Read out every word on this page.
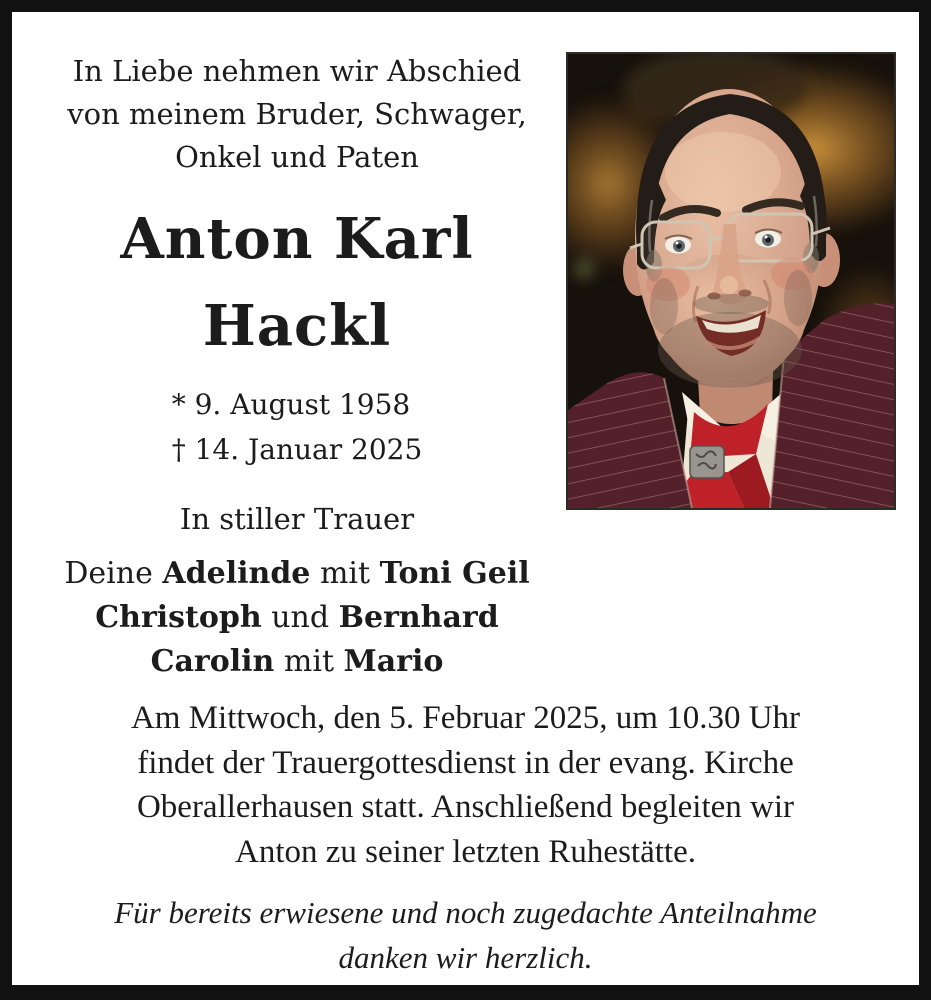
In Liebe nehmen wir Abschied
von meinem Bruder, Schwager,
Onkel und Paten
Anton Karl
Hackl
* 9. August 1958
† 14. Januar 2025
In stiller Trauer
Deine Adelinde mit Toni Geil
Christoph und Bernhard
Carolin mit Mario
Am Mittwoch, den 5. Februar 2025, um 10.30 Uhr
findet der Trauergottesdienst in der evang. Kirche
Oberallerhausen statt. Anschließend begleiten wir
Anton zu seiner letzten Ruhestätte.
Für bereits erwiesene und noch zugedachte Anteilnahme
danken wir herzlich.
